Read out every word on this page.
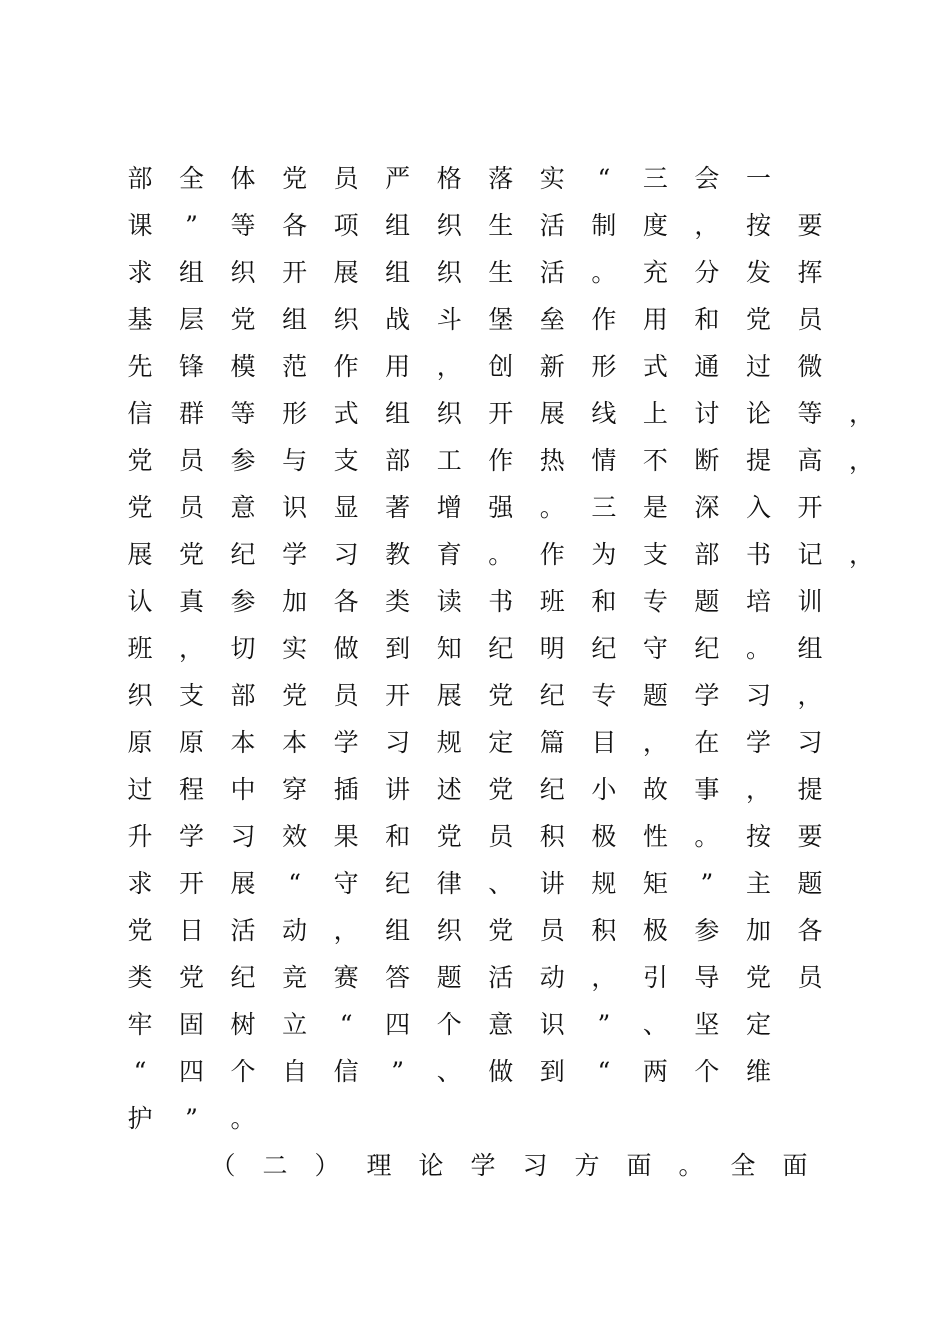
部 全 体 党 员 严 格 落 实	“	三 会 一
课	”	等 各 项 组 织 生 活 制 度 ， 按 要
求 组 织 开 展 组 织 生 活 。 充 分 发 挥
基 层 党 组 织 战 斗 堡 垒 作 用 和 党 员
先 锋 模 范 作 用 ， 创 新 形 式 通 过 微
信 群 等 形 式 组 织 开 展 线 上 讨 论 等 ，
党 员 参 与 支 部 工 作 热 情 不 断 提 高 ，
党 员 意 识 显 著 增 强 。 三 是 深 入 开
展 党 纪 学 习 教 育 。 作 为 支 部 书 记 ，
认 真 参 加 各 类 读 书 班 和 专 题 培 训
班 ， 切 实 做 到 知 纪 明 纪 守 纪 。 组
织 支 部 党 员 开 展 党 纪 专 题 学 习 ，
原 原 本 本 学 习 规 定 篇 目 ， 在 学 习
过 程 中 穿 插 讲 述 党 纪 小 故 事 ， 提
升 学 习 效 果 和 党 员 积 极 性 。 按 要
求 开 展	“	守 纪 律 、 讲 规 矩	”	主 题
党 日 活 动 ， 组 织 党 员 积 极 参 加 各
类 党 纪 竞 赛 答 题 活 动 ， 引 导 党 员
牢 固 树 立	“	四 个 意 识	”	、 坚 定
“	四 个 自 信	”	、 做 到	“	两 个 维
护	”	。
（ 二 ） 理 论 学 习 方 面 。 全 面
